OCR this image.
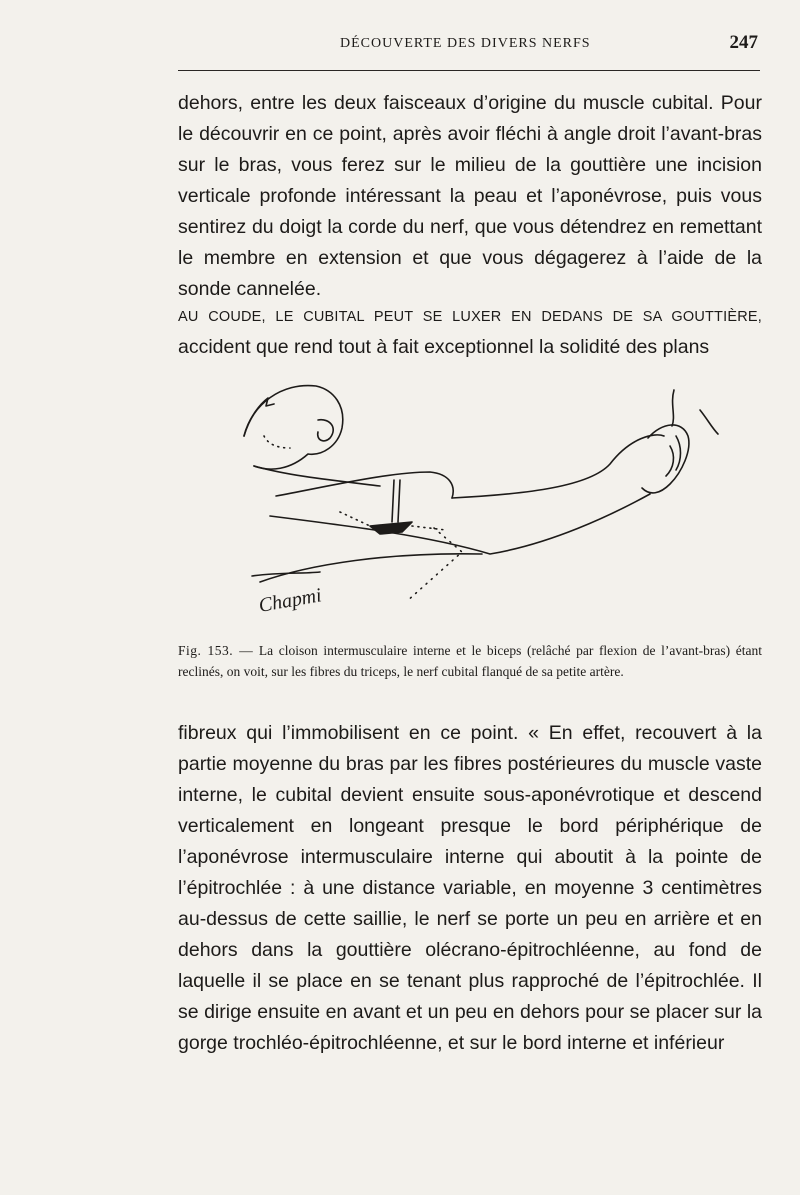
DÉCOUVERTE DES DIVERS NERFS	247

dehors, entre les deux faisceaux d’origine du muscle cubital. Pour le découvrir en ce point, après avoir fléchi à angle droit l’avant-bras sur le bras, vous ferez sur le milieu de la gouttière une incision verticale profonde intéressant la peau et l’aponévrose, puis vous sentirez du doigt la corde du nerf, que vous détendrez en remettant le membre en extension et que vous dégagerez à l’aide de la sonde cannelée.

AU COUDE, LE CUBITAL PEUT SE LUXER EN DEDANS DE SA GOUTTIÈRE,
accident que rend tout à fait exceptionnel la solidité des plans
Chapmi
Fig. 153. — La cloison intermusculaire interne et le biceps (relâché par flexion de l’avant-bras) étant reclinés, on voit, sur les fibres du triceps, le nerf cubital flanqué de sa petite artère.

fibreux qui l’immobilisent en ce point. « En effet, recouvert à la partie moyenne du bras par les fibres postérieures du muscle vaste interne, le cubital devient ensuite sous-aponévrotique et descend verticalement en longeant presque le bord périphérique de l’aponévrose intermusculaire interne qui aboutit à la pointe de l’épitrochlée : à une distance variable, en moyenne 3 centimètres au-dessus de cette saillie, le nerf se porte un peu en arrière et en dehors dans la gouttière olécrano-épitrochléenne, au fond de laquelle il se place en se tenant plus rapproché de l’épitrochlée. Il se dirige ensuite en avant et un peu en dehors pour se placer sur la gorge trochléo-épitrochléenne, et sur le bord interne et inférieur
